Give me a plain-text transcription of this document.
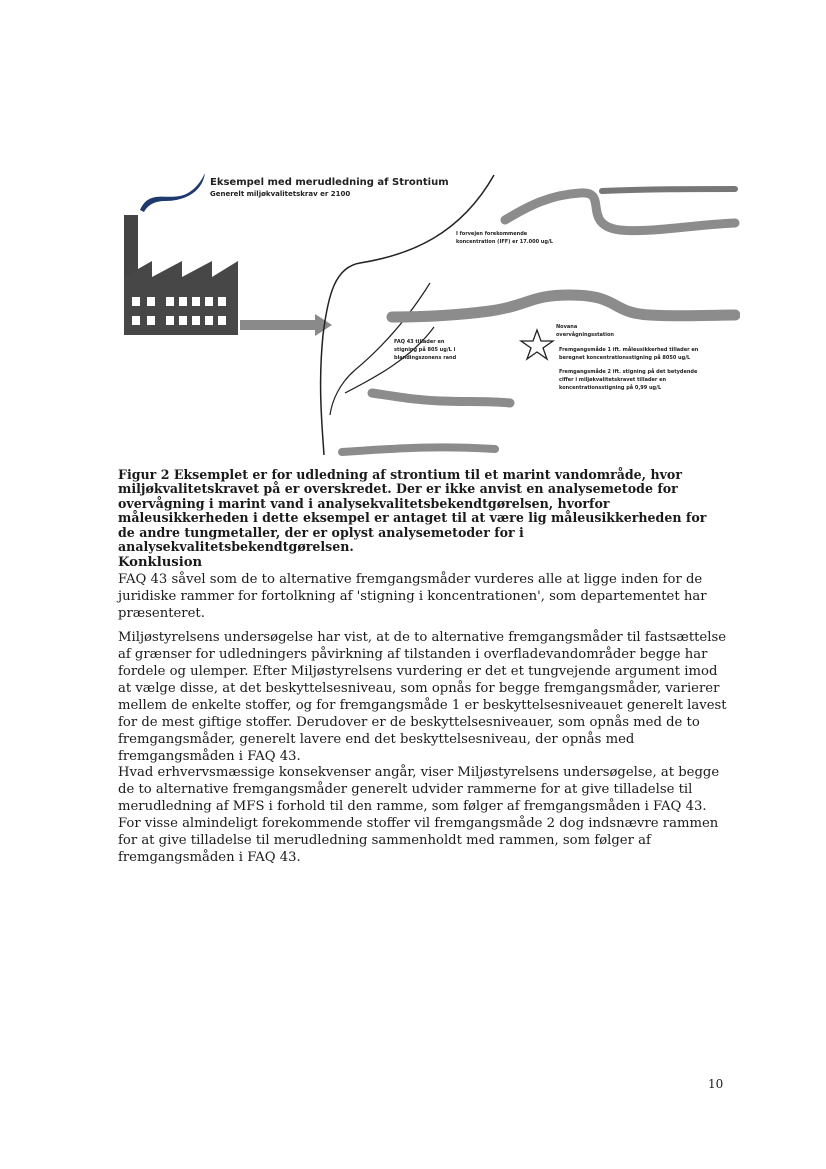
Eksempel med merudledning af Strontium
Generelt miljøkvalitetskrav er 2100
I forvejen forekommende
koncentration (IFF) er 17.000 ug/L
FAQ 43 tillader en
stigning på 805 ug/L i
blandingszonens rand
Novana
overvågningsstation
Fremgangsmåde 1 ift. måleusikkerhed tillader en
beregnet koncentrationsstigning på 8050 ug/L
Fremgangsmåde 2 ift. stigning på det betydende
ciffer i miljøkvalitetskravet tillader en
koncentrationsstigning på 0,99 ug/L

Figur 2 Eksemplet er for udledning af strontium til et marint vandområde, hvor miljøkvalitetskravet på er overskredet. Der er ikke anvist en analysemetode for overvågning i marint vand i analysekvalitetsbekendtgørelsen, hvorfor måleusikkerheden i dette eksempel er antaget til at være lig måleusikkerheden for de andre tungmetaller, der er oplyst analysemetoder for i analysekvalitetsbekendtgørelsen.

Konklusion

FAQ 43 såvel som de to alternative fremgangsmåder vurderes alle at ligge inden for de juridiske rammer for fortolkning af 'stigning i koncentrationen', som departementet har præsenteret.

Miljøstyrelsens undersøgelse har vist, at de to alternative fremgangsmåder til fastsættelse af grænser for udledningers påvirkning af tilstanden i overfladevandområder begge har fordele og ulemper. Efter Miljøstyrelsens vurdering er det et tungvejende argument imod at vælge disse, at det beskyttelsesniveau, som opnås for begge fremgangsmåder, varierer mellem de enkelte stoffer, og for fremgangsmåde 1 er beskyttelsesniveauet generelt lavest for de mest giftige stoffer. Derudover er de beskyttelsesniveauer, som opnås med de to fremgangsmåder, generelt lavere end det beskyttelsesniveau, der opnås med fremgangsmåden i FAQ 43.

Hvad erhvervsmæssige konsekvenser angår, viser Miljøstyrelsens undersøgelse, at begge de to alternative fremgangsmåder generelt udvider rammerne for at give tilladelse til merudledning af MFS i forhold til den ramme, som følger af fremgangsmåden i FAQ 43. For visse almindeligt forekommende stoffer vil fremgangsmåde 2 dog indsnævre rammen for at give tilladelse til merudledning sammenholdt med rammen, som følger af fremgangsmåden i FAQ 43.

10
